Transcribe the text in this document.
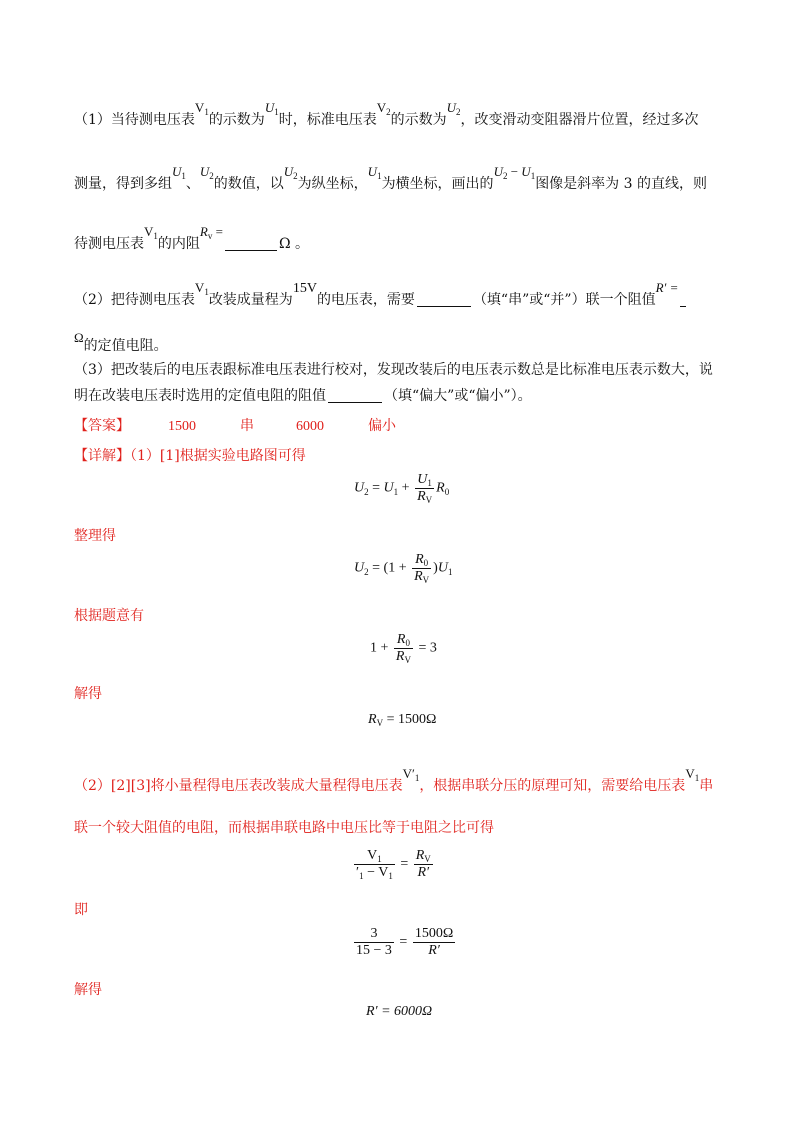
（1）当待测电压表$V_1$的示数为$U_1$时，标准电压表$V_2$的示数为$U_2$，改变滑动变阻器滑片位置，经过多次
测量，得到多组$U_1$、$U_2$的数值，以$U_2$为纵坐标，$U_1$为横坐标，画出的$U_2 - U_1$图像是斜率为 3 的直线，则
待测电压表$V_1$的内阻$R_v =\Omega$ 。
（2）把待测电压表$V_1$改装成量程为15V的电压表，需要	（填“串”或“并”）联一个阻值R′ =
Ω的定值电阻。
（3）把改装后的电压表跟标准电压表进行校对，发现改装后的电压表示数总是比标准电压表示数大，说
明在改装电压表时选用的定值电阻的阻值	（填“偏大”或“偏小”）。
【答案】	1500	串	6000	偏小
【详解】（1）[1]根据实验电路图可得
$U_2 = U_1 + \frac{U_1}{R_V} R_0$
整理得
$U_2 = (1 + \frac{R_0}{R_V} )U_1$
根据题意有
$1 + \frac{R_0}{R_V} = 3$
解得
$R_V = 1500\Omega$
（2）[2][3]将小量程得电压表改装成大量程得电压表$V'_1$，根据串联分压的原理可知，需要给电压表$V_1$串
联一个较大阻值的电阻，而根据串联电路中电压比等于电阻之比可得
$\frac{V_1}{'_1 - V_1} = \frac{R_V}{R'}$
即
$\frac{3}{15 - 3} = \frac{1500\Omega}{R'}$
解得
R′ = 6000Ω
